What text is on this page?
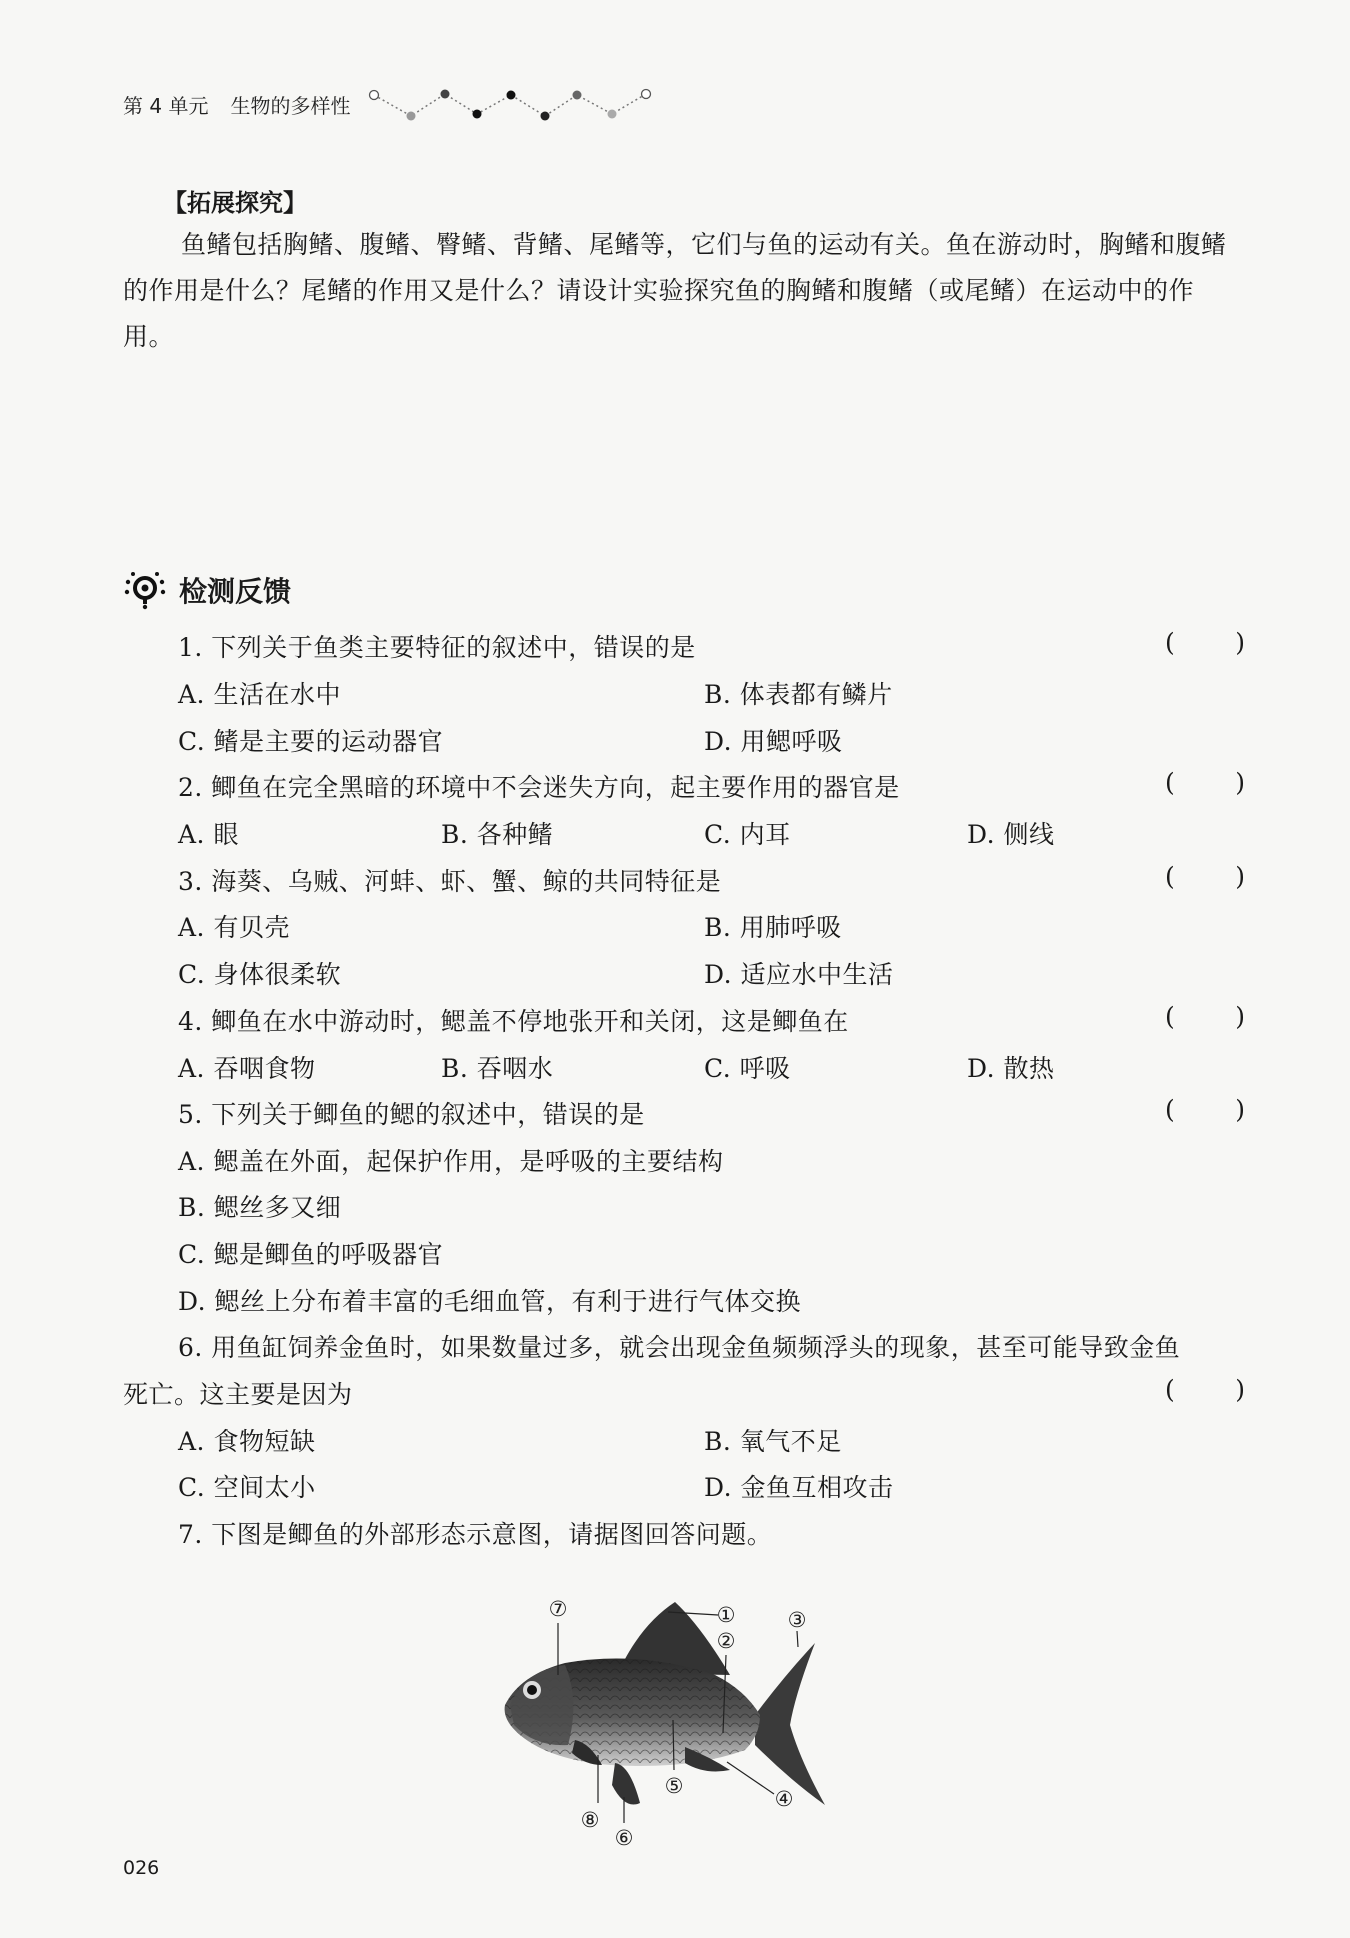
第 4 单元 生物的多样性
【拓展探究】
鱼鳍包括胸鳍、腹鳍、臀鳍、背鳍、尾鳍等，它们与鱼的运动有关。鱼在游动时，胸鳍和腹鳍的作用是什么？尾鳍的作用又是什么？请设计实验探究鱼的胸鳍和腹鳍（或尾鳍）在运动中的作用。
检测反馈
1. 下列关于鱼类主要特征的叙述中，错误的是	( )
A. 生活在水中	B. 体表都有鳞片
C. 鳍是主要的运动器官	D. 用鳃呼吸
2. 鲫鱼在完全黑暗的环境中不会迷失方向，起主要作用的器官是	( )
A. 眼	B. 各种鳍	C. 内耳	D. 侧线
3. 海葵、乌贼、河蚌、虾、蟹、鲸的共同特征是	( )
A. 有贝壳	B. 用肺呼吸
C. 身体很柔软	D. 适应水中生活
4. 鲫鱼在水中游动时，鳃盖不停地张开和关闭，这是鲫鱼在	( )
A. 吞咽食物	B. 吞咽水	C. 呼吸	D. 散热
5. 下列关于鲫鱼的鳃的叙述中，错误的是	( )
A. 鳃盖在外面，起保护作用，是呼吸的主要结构
B. 鳃丝多又细
C. 鳃是鲫鱼的呼吸器官
D. 鳃丝上分布着丰富的毛细血管，有利于进行气体交换
6. 用鱼缸饲养金鱼时，如果数量过多，就会出现金鱼频频浮头的现象，甚至可能导致金鱼
死亡。这主要是因为	( )
A. 食物短缺	B. 氧气不足
C. 空间太小	D. 金鱼互相攻击
7. 下图是鲫鱼的外部形态示意图，请据图回答问题。
①
②
③
④
⑤
⑥
⑦
⑧
026
